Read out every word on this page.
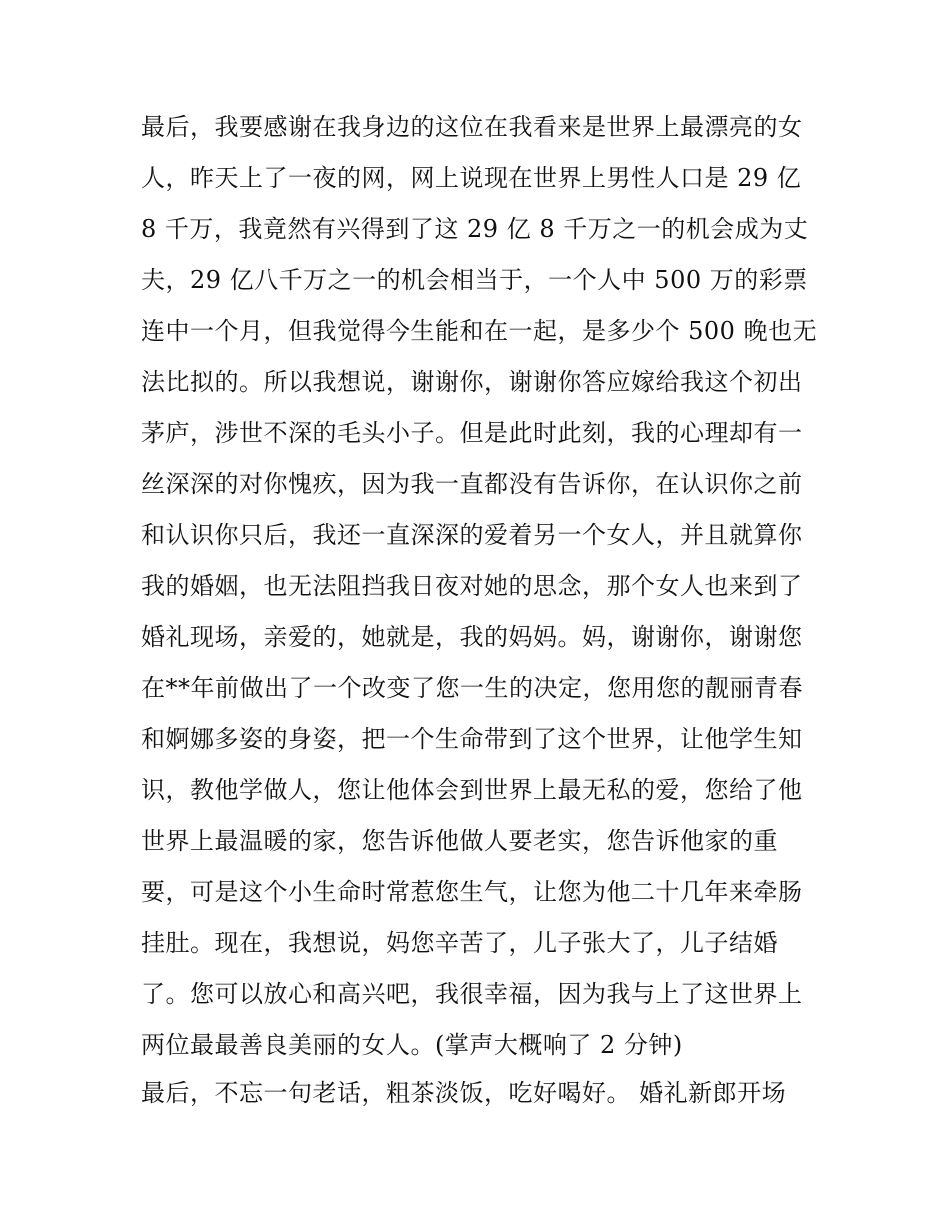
最后，我要感谢在我身边的这位在我看来是世界上最漂亮的女
人，昨天上了一夜的网，网上说现在世界上男性人口是 29 亿
8 千万，我竟然有兴得到了这 29 亿 8 千万之一的机会成为丈
夫，29 亿八千万之一的机会相当于，一个人中 500 万的彩票
连中一个月，但我觉得今生能和在一起，是多少个 500 晚也无
法比拟的。所以我想说，谢谢你，谢谢你答应嫁给我这个初出
茅庐，涉世不深的毛头小子。但是此时此刻，我的心理却有一
丝深深的对你愧疚，因为我一直都没有告诉你，在认识你之前
和认识你只后，我还一直深深的爱着另一个女人，并且就算你
我的婚姻，也无法阻挡我日夜对她的思念，那个女人也来到了
婚礼现场，亲爱的，她就是，我的妈妈。妈，谢谢你，谢谢您
在**年前做出了一个改变了您一生的决定，您用您的靓丽青春
和婀娜多姿的身姿，把一个生命带到了这个世界，让他学生知
识，教他学做人，您让他体会到世界上最无私的爱，您给了他
世界上最温暖的家，您告诉他做人要老实，您告诉他家的重
要，可是这个小生命时常惹您生气，让您为他二十几年来牵肠
挂肚。现在，我想说，妈您辛苦了，儿子张大了，儿子结婚
了。您可以放心和高兴吧，我很幸福，因为我与上了这世界上
两位最最善良美丽的女人。(掌声大概响了 2 分钟)
最后，不忘一句老话，粗茶淡饭，吃好喝好。 婚礼新郎开场
